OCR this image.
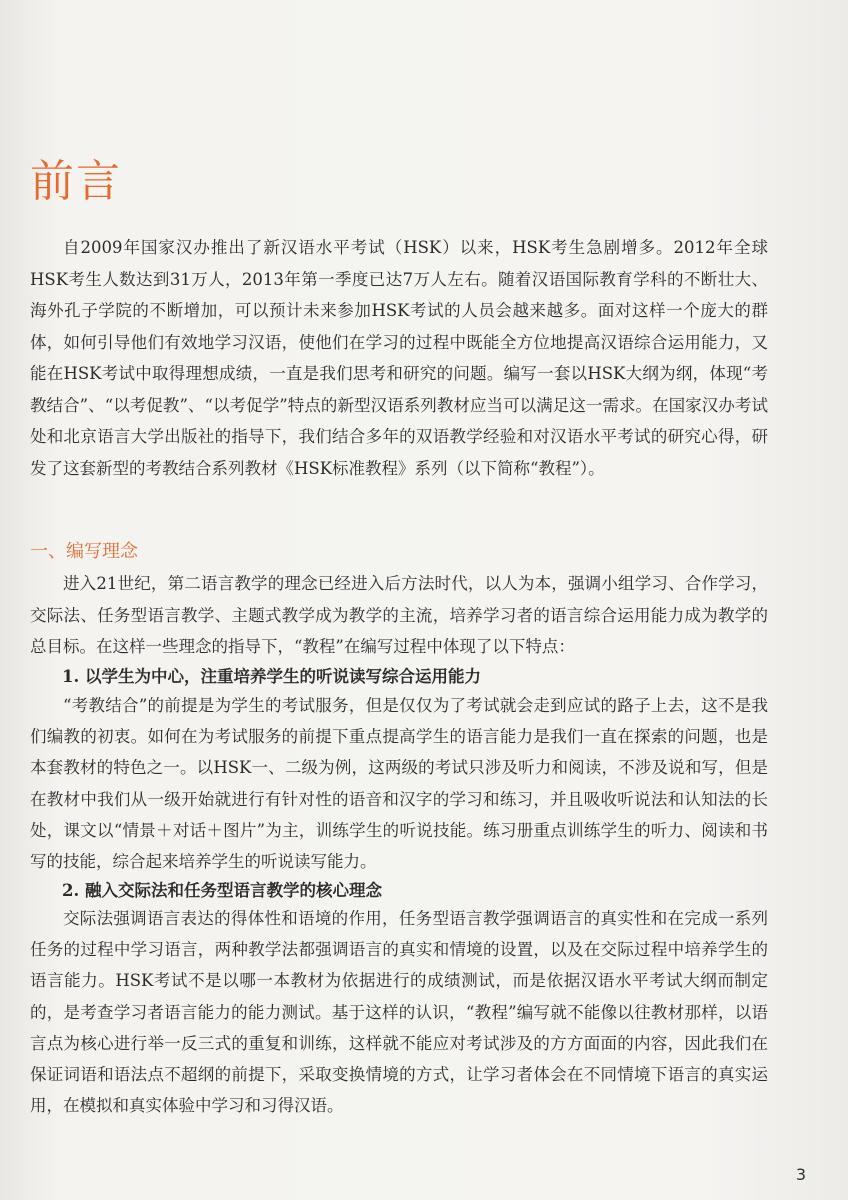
前言

自2009年国家汉办推出了新汉语水平考试（HSK）以来，HSK考生急剧增多。2012年全球HSK考生人数达到31万人，2013年第一季度已达7万人左右。随着汉语国际教育学科的不断壮大、海外孔子学院的不断增加，可以预计未来参加HSK考试的人员会越来越多。面对这样一个庞大的群体，如何引导他们有效地学习汉语，使他们在学习的过程中既能全方位地提高汉语综合运用能力，又能在HSK考试中取得理想成绩，一直是我们思考和研究的问题。编写一套以HSK大纲为纲，体现“考教结合”、“以考促教”、“以考促学”特点的新型汉语系列教材应当可以满足这一需求。在国家汉办考试处和北京语言大学出版社的指导下，我们结合多年的双语教学经验和对汉语水平考试的研究心得，研发了这套新型的考教结合系列教材《HSK标准教程》系列（以下简称“教程”）。

一、编写理念

进入21世纪，第二语言教学的理念已经进入后方法时代，以人为本，强调小组学习、合作学习，交际法、任务型语言教学、主题式教学成为教学的主流，培养学习者的语言综合运用能力成为教学的总目标。在这样一些理念的指导下，“教程”在编写过程中体现了以下特点：

1. 以学生为中心，注重培养学生的听说读写综合运用能力

“考教结合”的前提是为学生的考试服务，但是仅仅为了考试就会走到应试的路子上去，这不是我们编教的初衷。如何在为考试服务的前提下重点提高学生的语言能力是我们一直在探索的问题，也是本套教材的特色之一。以HSK一、二级为例，这两级的考试只涉及听力和阅读，不涉及说和写，但是在教材中我们从一级开始就进行有针对性的语音和汉字的学习和练习，并且吸收听说法和认知法的长处，课文以“情景＋对话＋图片”为主，训练学生的听说技能。练习册重点训练学生的听力、阅读和书写的技能，综合起来培养学生的听说读写能力。

2. 融入交际法和任务型语言教学的核心理念

交际法强调语言表达的得体性和语境的作用，任务型语言教学强调语言的真实性和在完成一系列任务的过程中学习语言，两种教学法都强调语言的真实和情境的设置，以及在交际过程中培养学生的语言能力。HSK考试不是以哪一本教材为依据进行的成绩测试，而是依据汉语水平考试大纲而制定的，是考查学习者语言能力的能力测试。基于这样的认识，“教程”编写就不能像以往教材那样，以语言点为核心进行举一反三式的重复和训练，这样就不能应对考试涉及的方方面面的内容，因此我们在保证词语和语法点不超纲的前提下，采取变换情境的方式，让学习者体会在不同情境下语言的真实运用，在模拟和真实体验中学习和习得汉语。

3
